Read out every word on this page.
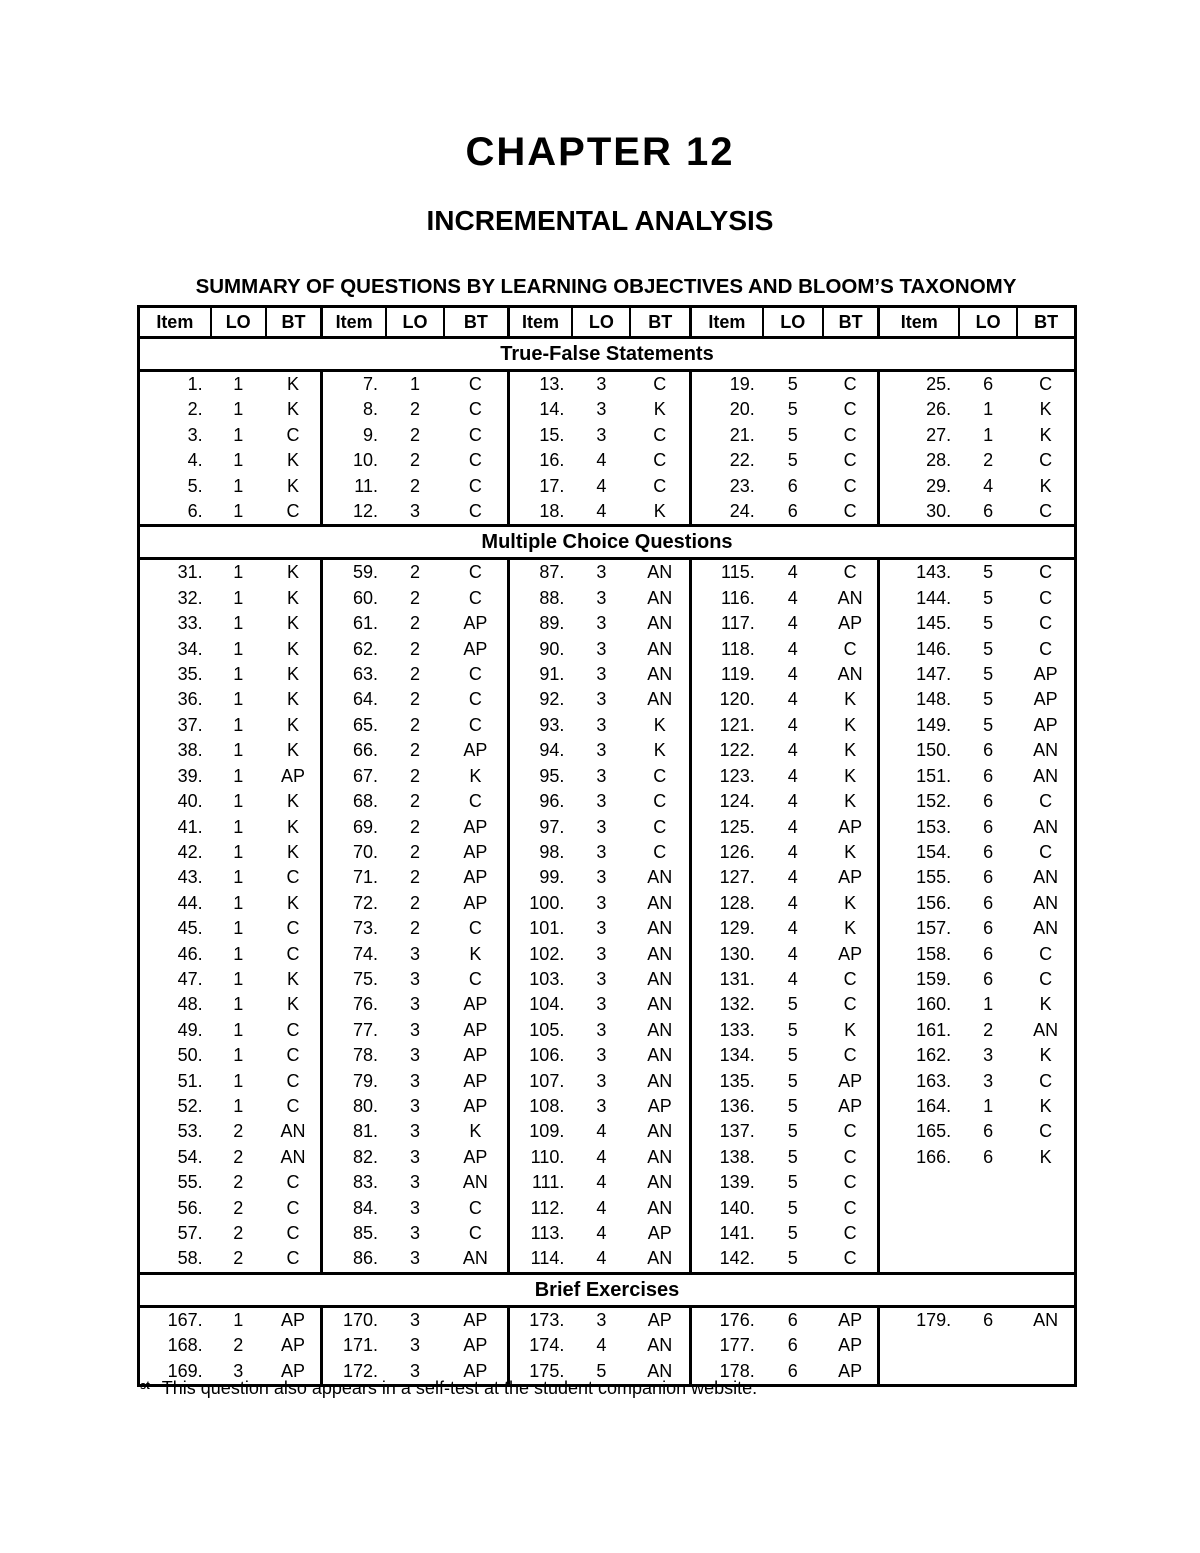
CHAPTER 12
INCREMENTAL ANALYSIS
SUMMARY OF QUESTIONS BY LEARNING OBJECTIVES AND BLOOM’S TAXONOMY
Item	LO	BT	Item	LO	BT	Item	LO	BT	Item	LO	BT	Item	LO	BT
True-False Statements														
1.	1	K	7.	1	C	13.	3	C	19.	5	C	25.	6	C
2.	1	K	8.	2	C	14.	3	K	20.	5	C	26.	1	K
3.	1	C	9.	2	C	15.	3	C	21.	5	C	27.	1	K
4.	1	K	10.	2	C	16.	4	C	22.	5	C	28.	2	C
5.	1	K	11.	2	C	17.	4	C	23.	6	C	29.	4	K
6.	1	C	12.	3	C	18.	4	K	24.	6	C	30.	6	C
Multiple Choice Questions														
31.	1	K	59.	2	C	87.	3	AN	115.	4	C	143.	5	C
32.	1	K	60.	2	C	88.	3	AN	116.	4	AN	144.	5	C
33.	1	K	61.	2	AP	89.	3	AN	117.	4	AP	145.	5	C
34.	1	K	62.	2	AP	90.	3	AN	118.	4	C	146.	5	C
35.	1	K	63.	2	C	91.	3	AN	119.	4	AN	147.	5	AP
36.	1	K	64.	2	C	92.	3	AN	120.	4	K	148.	5	AP
37.	1	K	65.	2	C	93.	3	K	121.	4	K	149.	5	AP
38.	1	K	66.	2	AP	94.	3	K	122.	4	K	150.	6	AN
39.	1	AP	67.	2	K	95.	3	C	123.	4	K	151.	6	AN
40.	1	K	68.	2	C	96.	3	C	124.	4	K	152.	6	C
41.	1	K	69.	2	AP	97.	3	C	125.	4	AP	153.	6	AN
42.	1	K	70.	2	AP	98.	3	C	126.	4	K	154.	6	C
43.	1	C	71.	2	AP	99.	3	AN	127.	4	AP	155.	6	AN
44.	1	K	72.	2	AP	100.	3	AN	128.	4	K	156.	6	AN
45.	1	C	73.	2	C	101.	3	AN	129.	4	K	157.	6	AN
46.	1	C	74.	3	K	102.	3	AN	130.	4	AP	158.	6	C
47.	1	K	75.	3	C	103.	3	AN	131.	4	C	159.	6	C
48.	1	K	76.	3	AP	104.	3	AN	132.	5	C	160.	1	K
49.	1	C	77.	3	AP	105.	3	AN	133.	5	K	161.	2	AN
50.	1	C	78.	3	AP	106.	3	AN	134.	5	C	162.	3	K
51.	1	C	79.	3	AP	107.	3	AN	135.	5	AP	163.	3	C
52.	1	C	80.	3	AP	108.	3	AP	136.	5	AP	164.	1	K
53.	2	AN	81.	3	K	109.	4	AN	137.	5	C	165.	6	C
54.	2	AN	82.	3	AP	110.	4	AN	138.	5	C	166.	6	K
55.	2	C	83.	3	AN	111.	4	AN	139.	5	C			
56.	2	C	84.	3	C	112.	4	AN	140.	5	C			
57.	2	C	85.	3	C	113.	4	AP	141.	5	C			
58.	2	C	86.	3	AN	114.	4	AN	142.	5	C			
Brief Exercises														
167.	1	AP	170.	3	AP	173.	3	AP	176.	6	AP	179.	6	AN
168.	2	AP	171.	3	AP	174.	4	AN	177.	6	AP			
169.	3	AP	172.	3	AP	175.	5	AN	178.	6	AP			
$^{st}$ This question also appears in a self-test at the student companion website.
